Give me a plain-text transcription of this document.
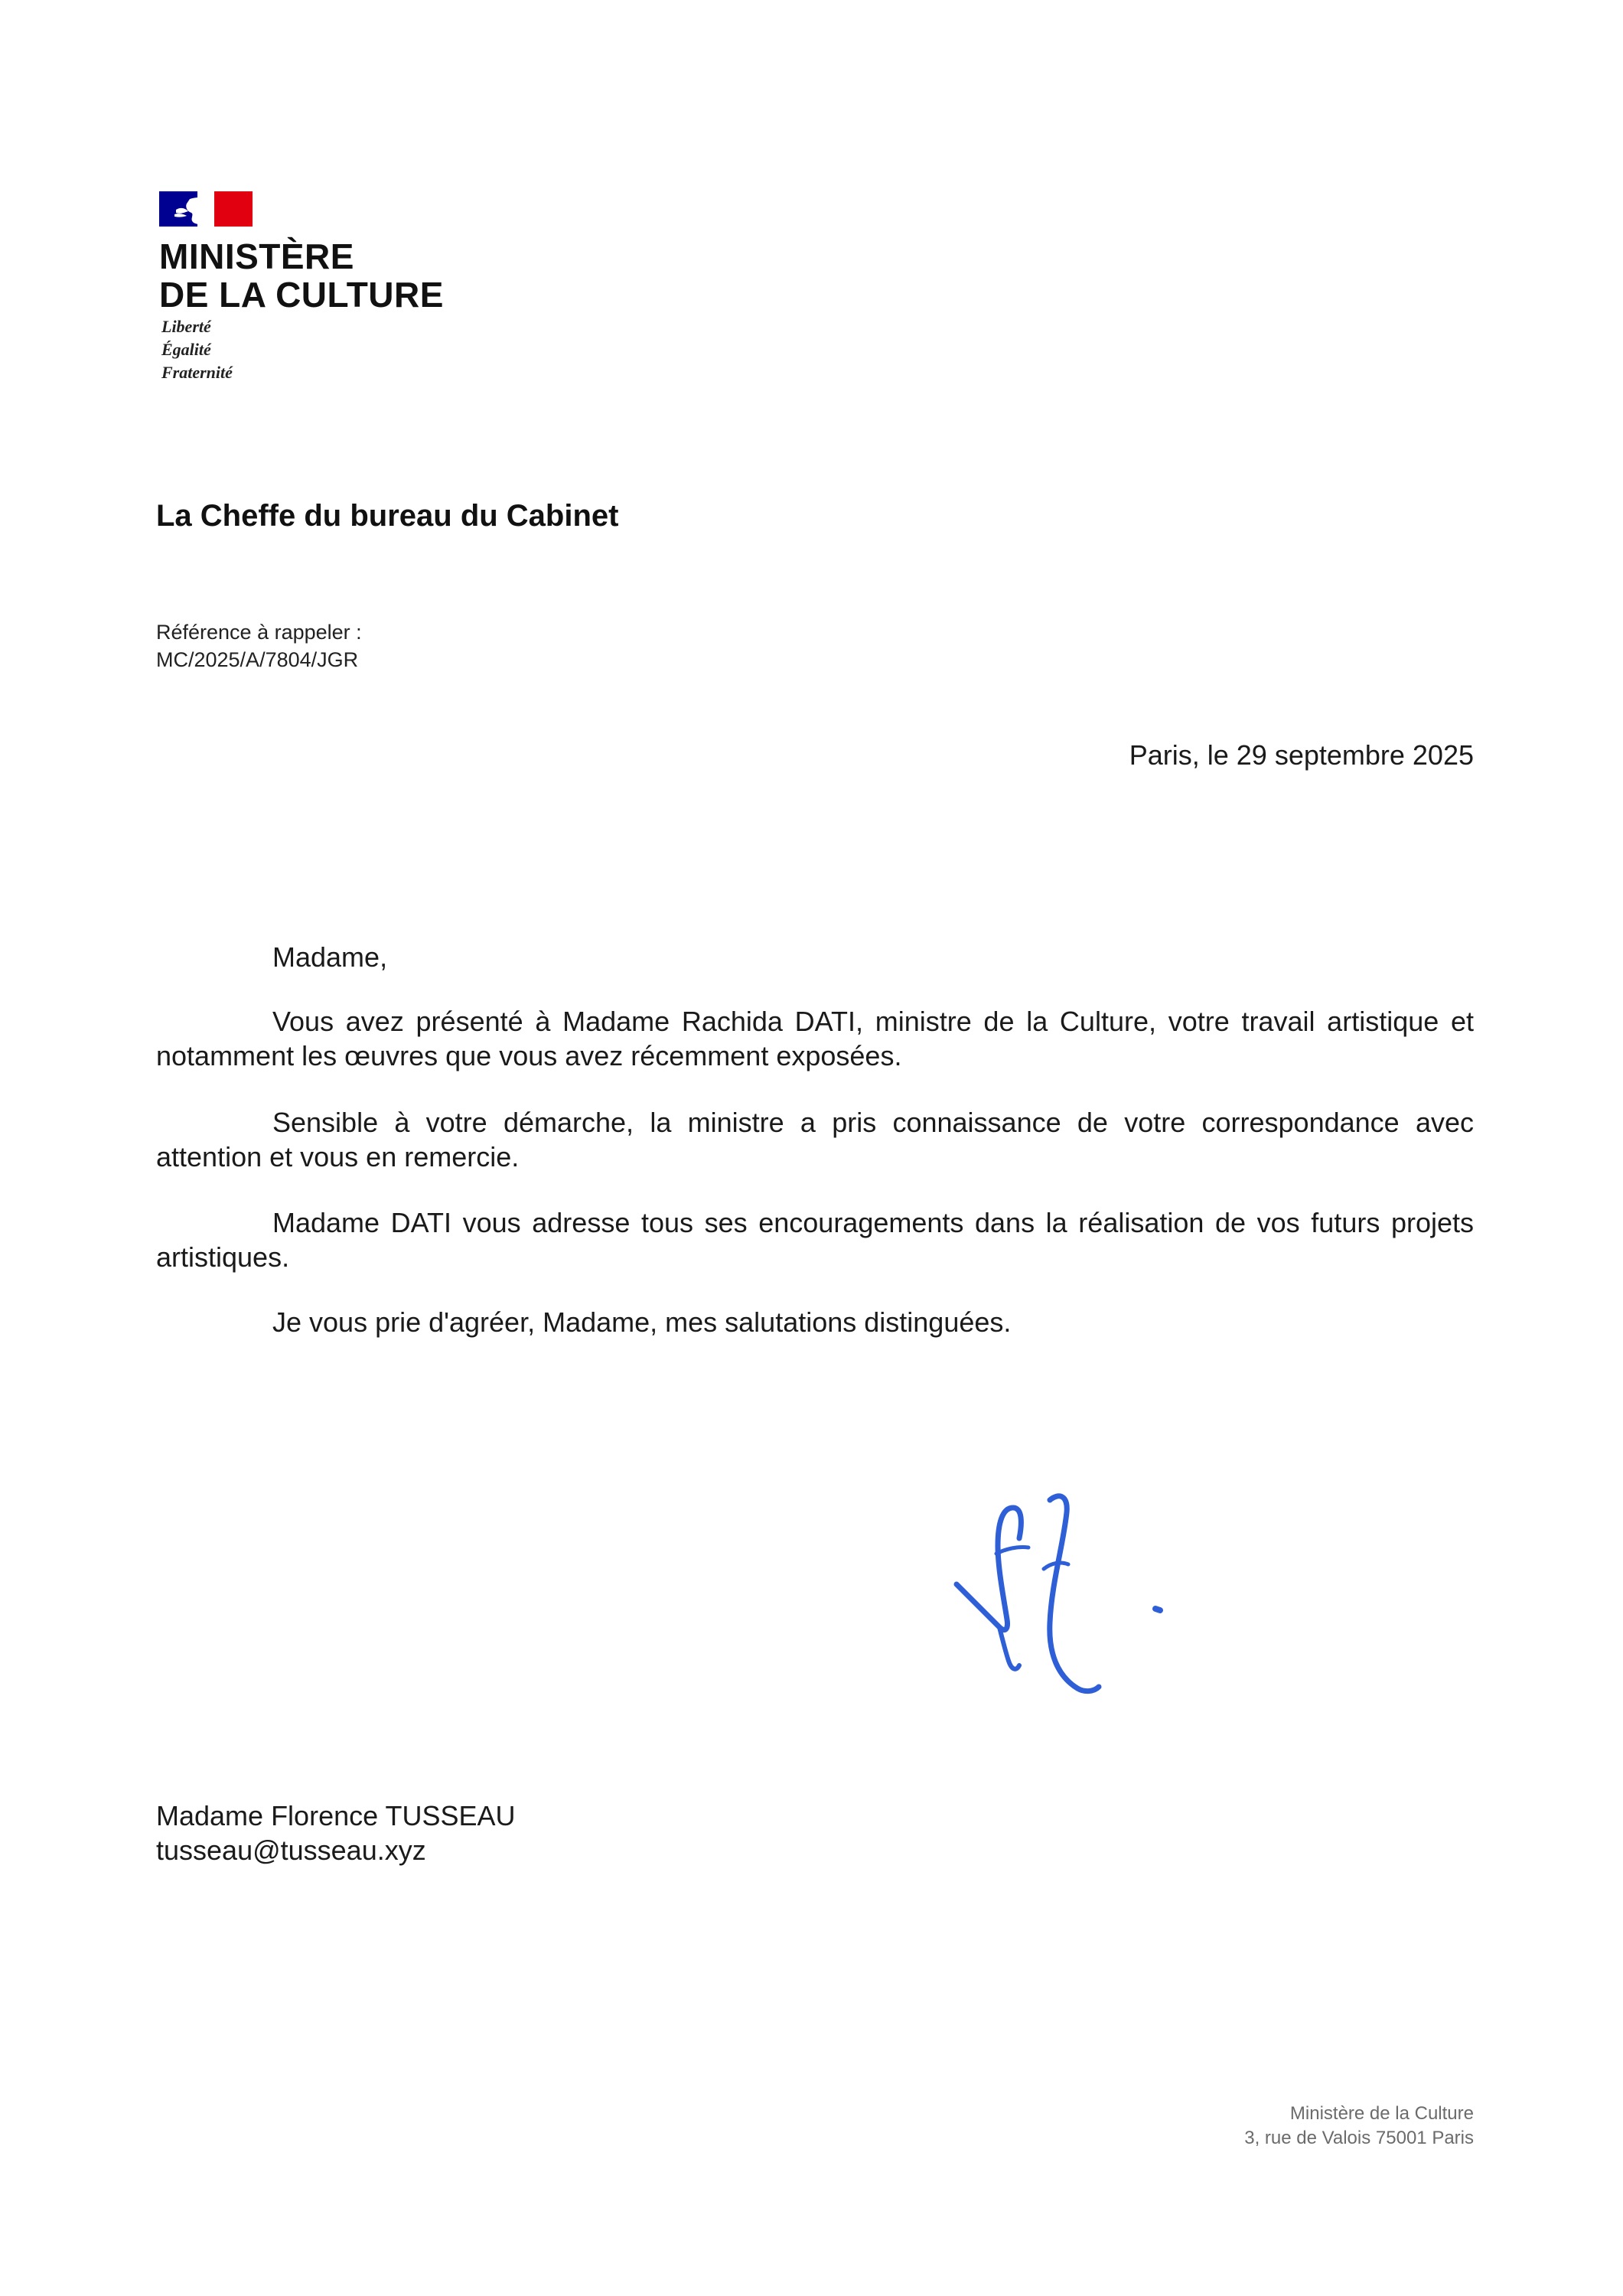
MINISTÈRE
DE LA CULTURE
Liberté
Égalité
Fraternité
La Cheffe du bureau du Cabinet
Référence à rappeler :
MC/2025/A/7804/JGR
Paris, le 29 septembre 2025
Madame,
Vous avez présenté à Madame Rachida DATI, ministre de la Culture, votre travail artistique et notamment les œuvres que vous avez récemment exposées.
Sensible à votre démarche, la ministre a pris connaissance de votre correspondance avec attention et vous en remercie.
Madame DATI vous adresse tous ses encouragements dans la réalisation de vos futurs projets artistiques.
Je vous prie d'agréer, Madame, mes salutations distinguées.
Madame Florence TUSSEAU
tusseau@tusseau.xyz
Ministère de la Culture
3, rue de Valois 75001 Paris
